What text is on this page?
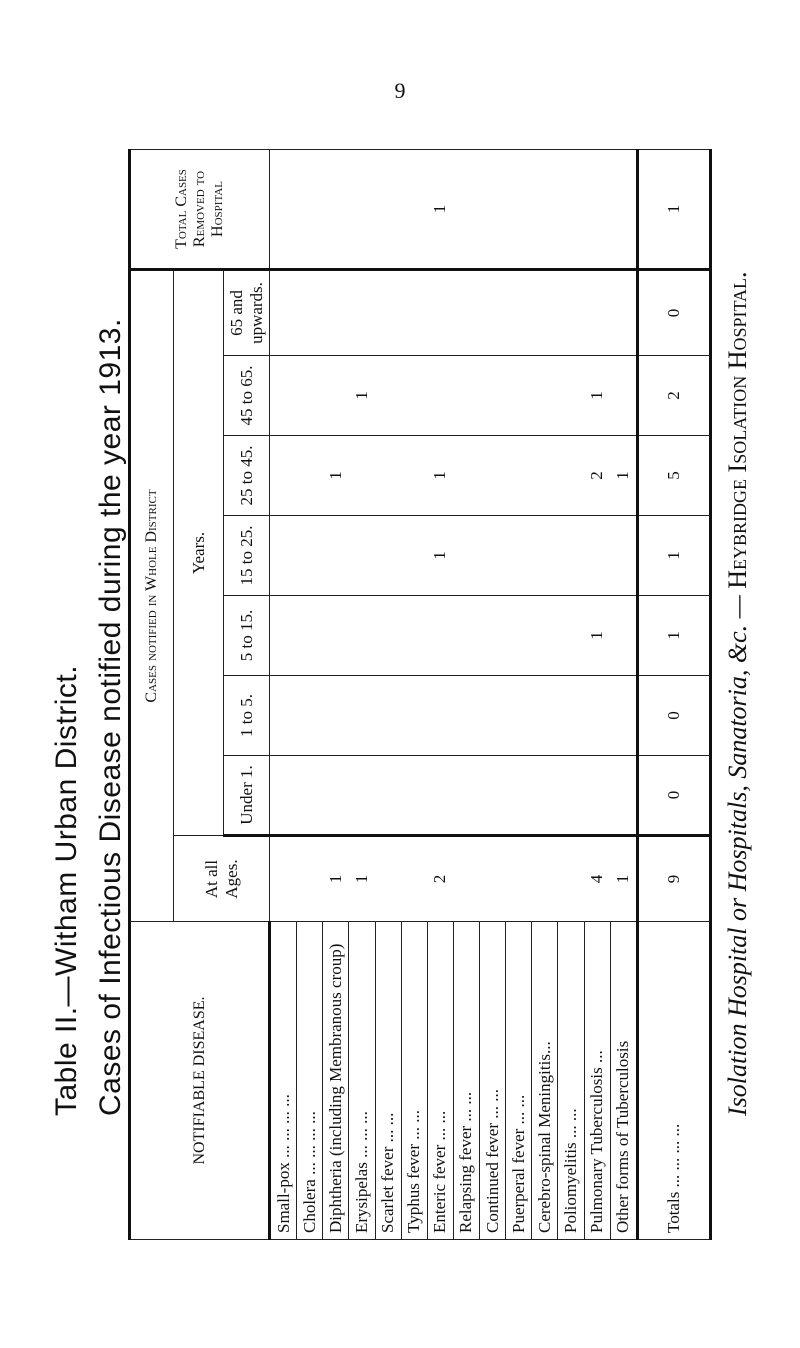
9
Table II.—Witham Urban District. Cases of Infectious Disease notified during the year 1913.	Isolation Hospital or Hospitals, Sanatoria, &c. — Heybridge Isolation Hospital.
NOTIFIABLE DISEASE.	Cases notified in Whole District								Total Cases Removed to Hospital
	At all Ages.	Years.							
		Under 1.	1 to 5.	5 to 15.	15 to 25.	25 to 45.	45 to 65.	65 and upwards.	
Small-pox ... ... ... ...									
Cholera ... ... ... ...									
Diphtheria (including Membranous croup)	1					1			
Erysipelas ... ... ...	1						1		
Scarlet fever ... ...									
Typhus fever ... ...									
Enteric fever ... ...	2				1	1			1
Relapsing fever ... ...									
Continued fever ... ...									
Puerperal fever ... ...									
Cerebro-spinal Meningitis...									
Poliomyelitis ... ...									
Pulmonary Tuberculosis ...	4			1		2	1		
Other forms of Tuberculosis	1					1			
Totals ... ... ... ...	9	0	0	1	1	5	2	0	1
